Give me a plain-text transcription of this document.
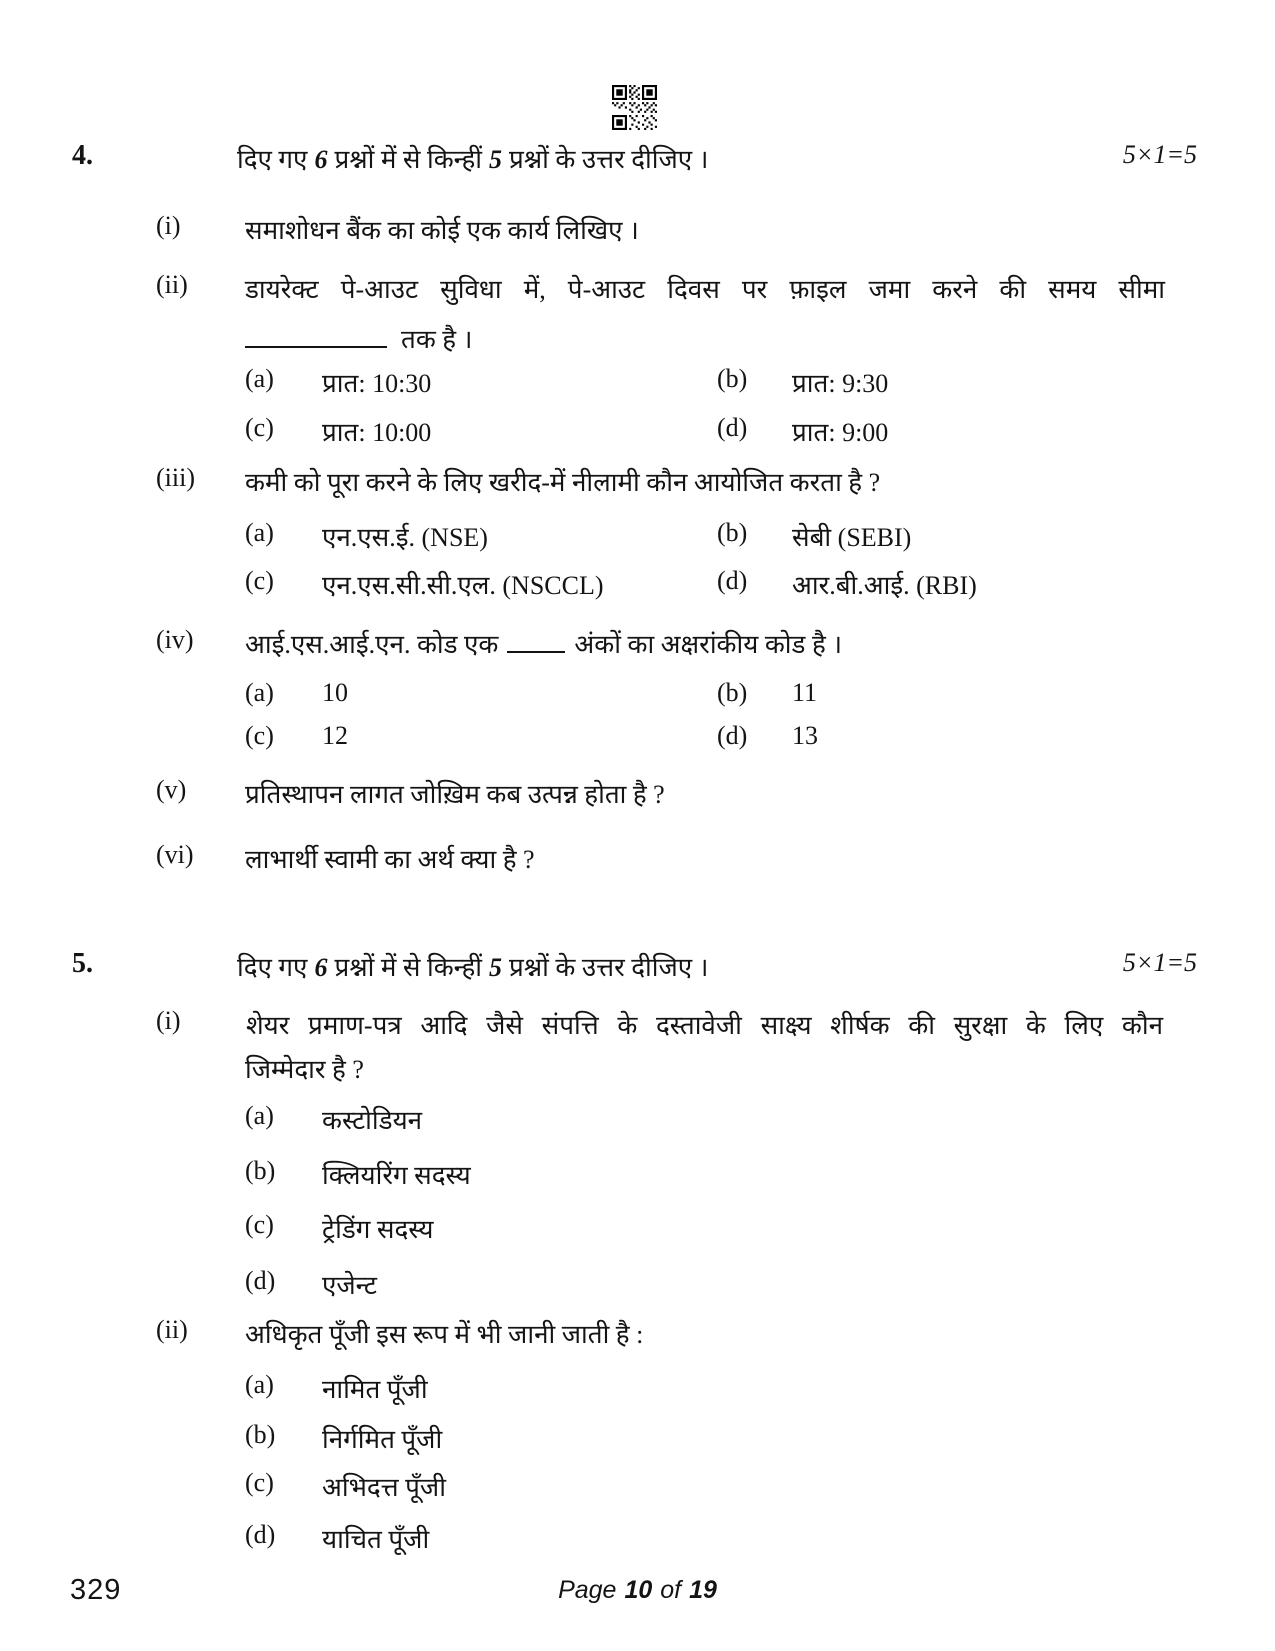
4.	दिए गए 6 प्रश्नों में से किन्हीं 5 प्रश्नों के उत्तर दीजिए ।	5×1=5
(i) समाशोधन बैंक का कोई एक कार्य लिखिए ।
(ii) डायरेक्ट पे-आउट सुविधा में, पे-आउट दिवस पर फ़ाइल जमा करने की समय सीमा
तक है ।
(a) प्रात: 10:30	(b) प्रात: 9:30
(c) प्रात: 10:00	(d) प्रात: 9:00
(iii) कमी को पूरा करने के लिए खरीद-में नीलामी कौन आयोजित करता है ?
(a) एन.एस.ई. (NSE)	(b) सेबी (SEBI)
(c) एन.एस.सी.सी.एल. (NSCCL)	(d) आर.बी.आई. (RBI)
(iv) आई.एस.आई.एन. कोड एक	अंकों का अक्षरांकीय कोड है ।
(a) 10	(b) 11
(c) 12	(d) 13
(v) प्रतिस्थापन लागत जोख़िम कब उत्पन्न होता है ?
(vi) लाभार्थी स्वामी का अर्थ क्या है ?
5.	दिए गए 6 प्रश्नों में से किन्हीं 5 प्रश्नों के उत्तर दीजिए ।	5×1=5
(i)	शेयर प्रमाण-पत्र आदि जैसे संपत्ति के दस्तावेजी साक्ष्य शीर्षक की सुरक्षा के लिए कौन
जिम्मेदार है ?
(a) कस्टोडियन
(b) क्लियरिंग सदस्य
(c) ट्रेडिंग सदस्य
(d) एजेन्ट
(ii) अधिकृत पूँजी इस रूप में भी जानी जाती है :
(a) नामित पूँजी
(b) निर्गमित पूँजी
(c) अभिदत्त पूँजी
(d) याचित पूँजी
329	Page 10 of 19
